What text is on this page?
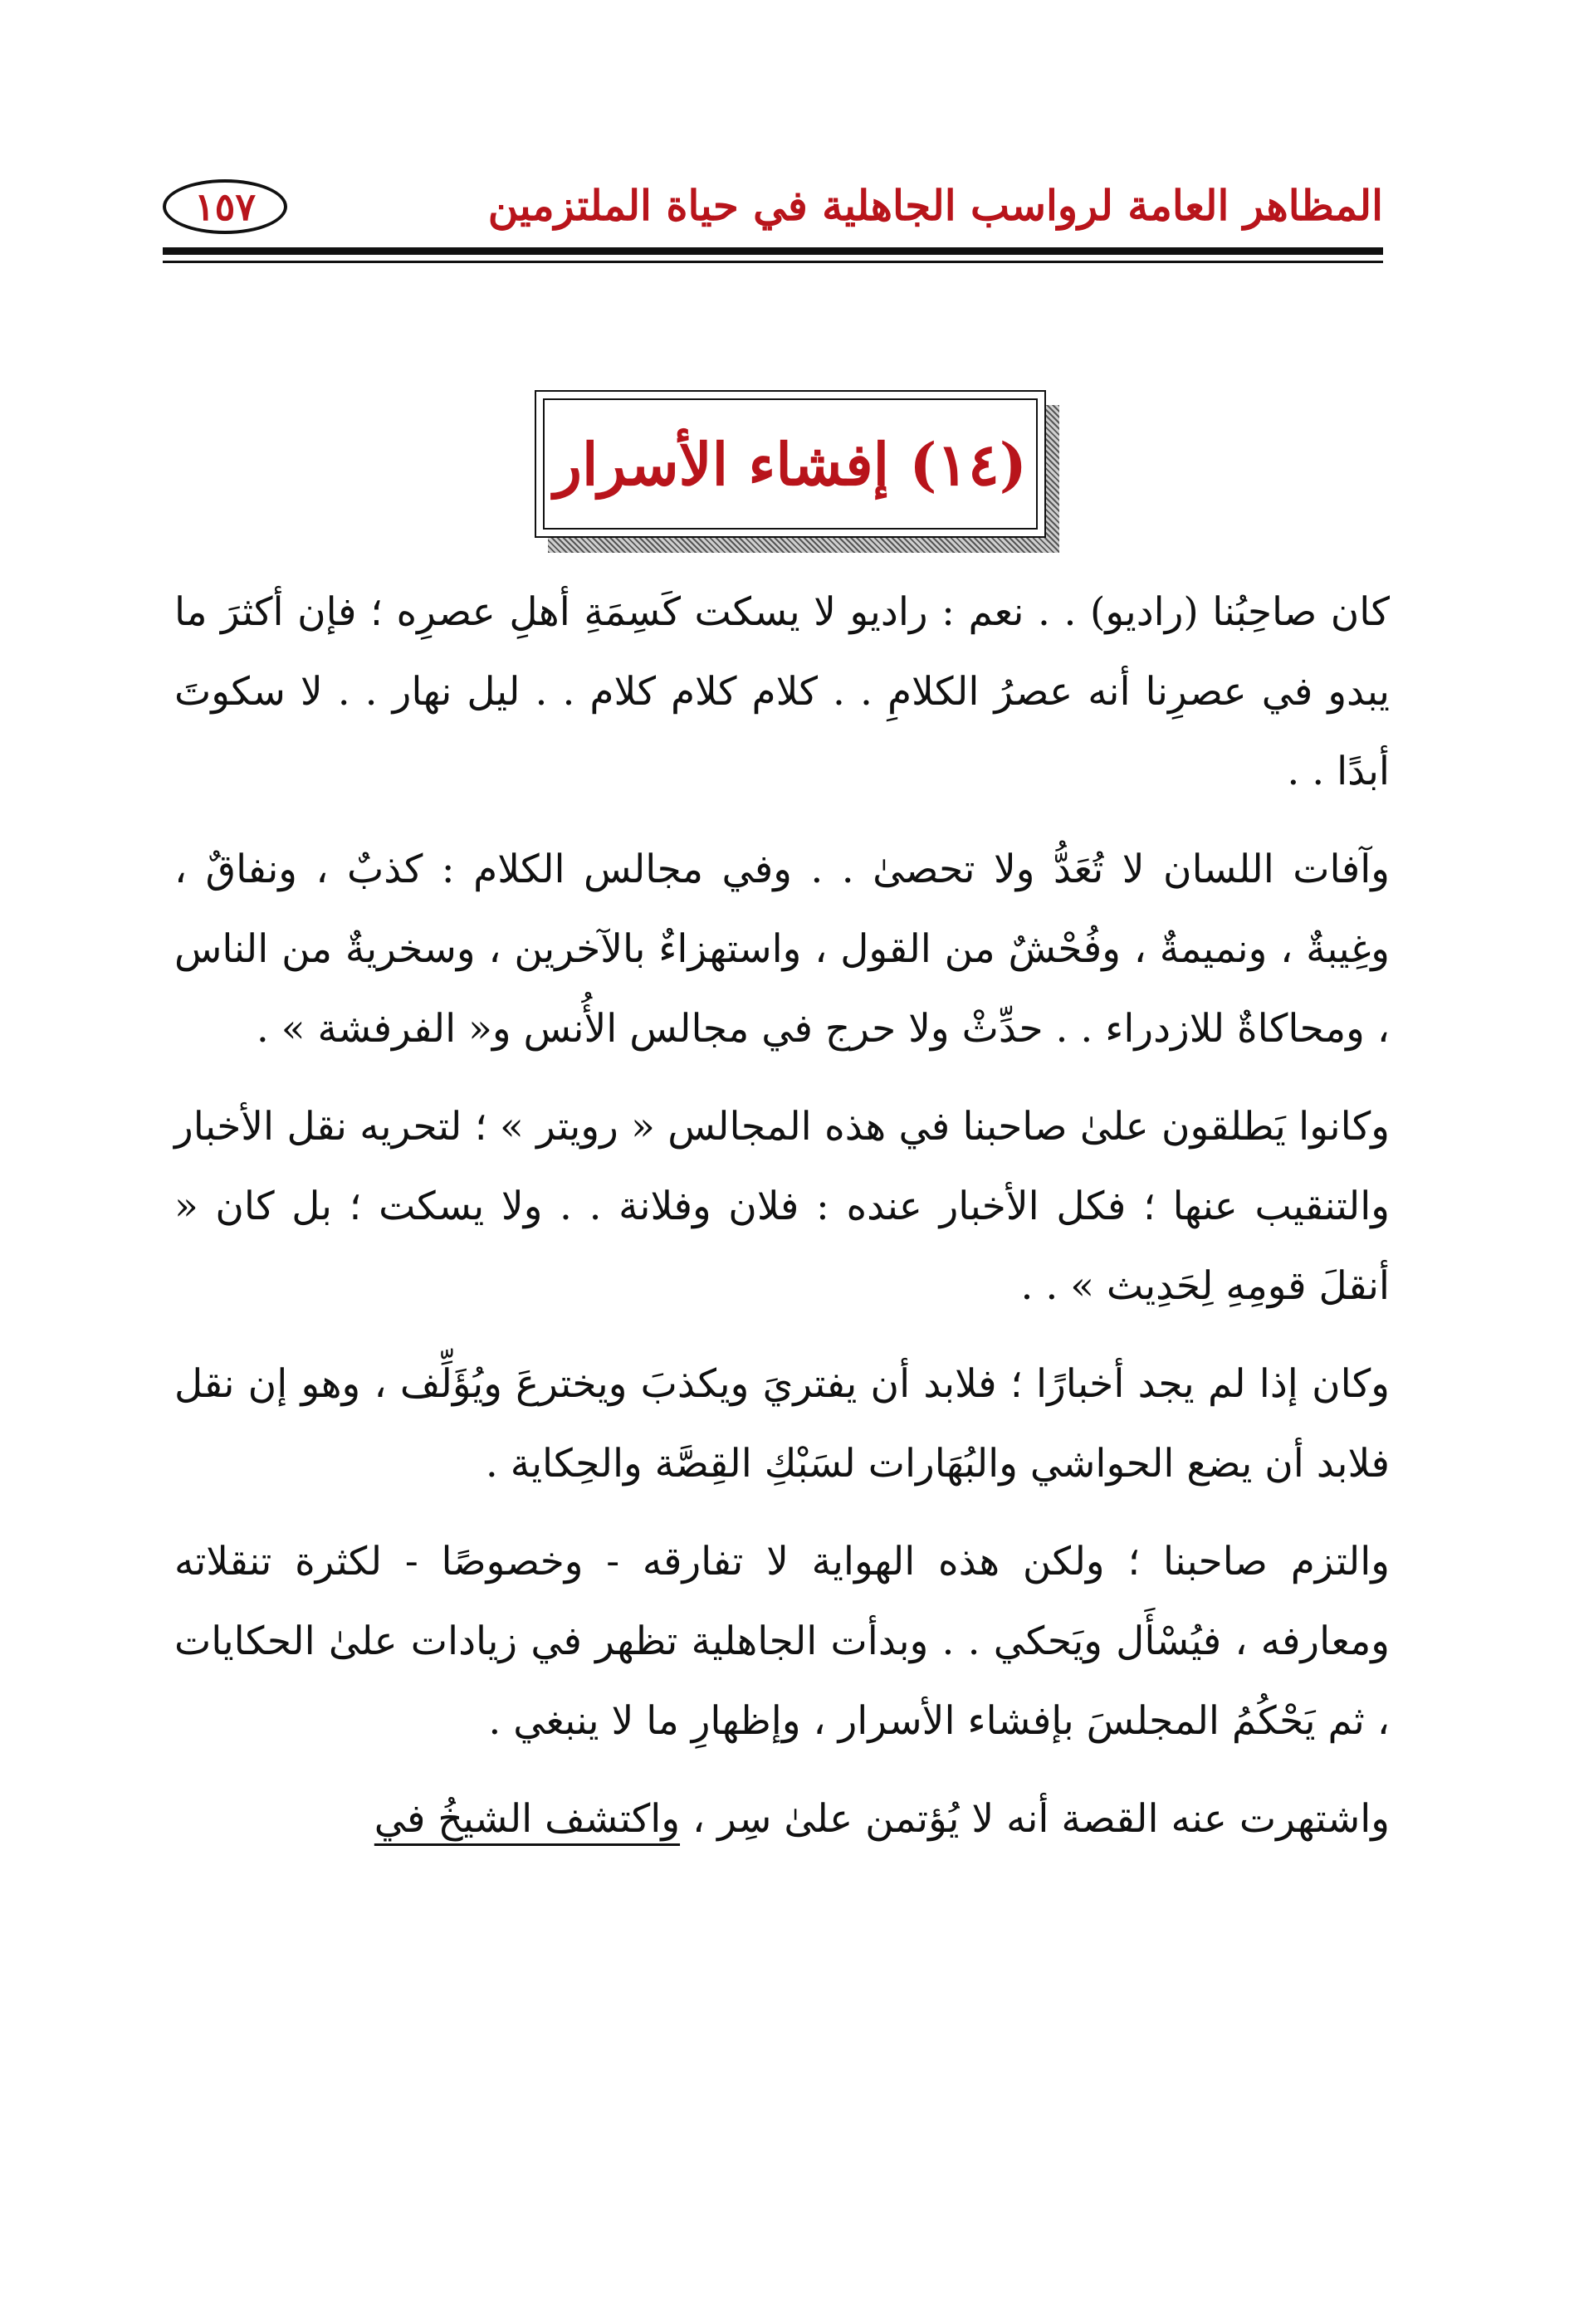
المظاهر العامة لرواسب الجاهلية في حياة الملتزمين
١٥٧
(١٤) إفشاء الأسرار

كان صاحِبُنا (راديو) . . نعم : راديو لا يسكت كَسِمَةِ أهلِ عصرِه ؛ فإن أكثرَ ما يبدو في عصرِنا أنه عصرُ الكلامِ . . كلام كلام كلام . . ليل نهار . . لا سكوتَ أبدًا . .

وآفات اللسان لا تُعَدُّ ولا تحصىٰ . . وفي مجالس الكلام : كذبٌ ، ونفاقٌ ، وغِيبةٌ ، ونميمةٌ ، وفُحْشٌ من القول ، واستهزاءٌ بالآخرين ، وسخريةٌ من الناس ، ومحاكاةٌ للازدراء . . حدِّثْ ولا حرج في مجالس الأُنس و« الفرفشة » .

وكانوا يَطلقون علىٰ صاحبنا في هذه المجالس « رويتر » ؛ لتحريه نقل الأخبار والتنقيب عنها ؛ فكل الأخبار عنده : فلان وفلانة . . ولا يسكت ؛ بل كان « أنقلَ قومِهِ لِحَدِيث » . .

وكان إذا لم يجد أخبارًا ؛ فلابد أن يفتريَ ويكذبَ ويخترعَ ويُؤَلِّف ، وهو إن نقل فلابد أن يضع الحواشي والبُهَارات لسَبْكِ القِصَّة والحِكاية .

والتزم صاحبنا ؛ ولكن هذه الهواية لا تفارقه - وخصوصًا - لكثرة تنقلاته ومعارفه ، فيُسْأَل ويَحكي . . وبدأت الجاهلية تظهر في زيادات علىٰ الحكايات ، ثم يَحْكُمُ المجلسَ بإفشاء الأسرار ، وإظهارِ ما لا ينبغي .

واشتهرت عنه القصة أنه لا يُؤتمن علىٰ سِر ، واكتشف الشيخُ في
